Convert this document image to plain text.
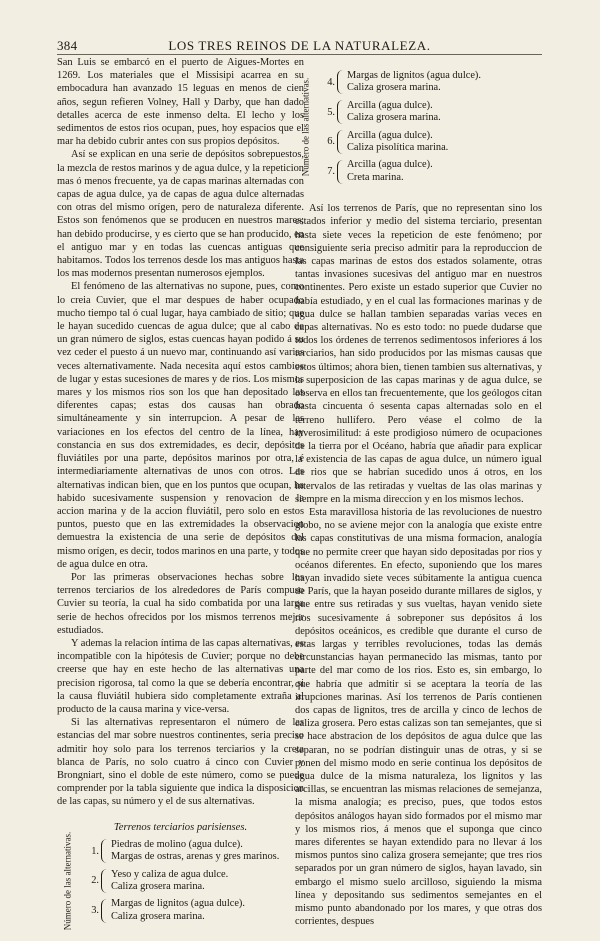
384	LOS TRES REINOS DE LA NATURALEZA.

San Luis se embarcó en el puerto de Aigues-Mortes en 1269. Los materiales que el Missisipi acarrea en su embocadura han avanzado 15 leguas en menos de cien años, segun refieren Volney, Hall y Darby, que han dado detalles acerca de este inmenso delta. El lecho y los sedimentos de estos rios ocupan, pues, hoy espacios que el mar ha debido cubrir antes con sus propios depósitos.

Así se explican en una serie de depósitos sobrepuestos, la mezcla de restos marinos y de agua dulce, y la repeticion mas ó menos frecuente, ya de capas marinas alternadas con capas de agua dulce, ya de capas de agua dulce alternadas con otras del mismo orígen, pero de naturaleza diferente. Estos son fenómenos que se producen en nuestros mares; han debido producirse, y es cierto que se han producido, en el antiguo mar y en todas las cuencas antiguas que habitamos. Todos los terrenos desde los mas antiguos hasta los mas modernos presentan numerosos ejemplos.

El fenómeno de las alternativas no supone, pues, como lo creia Cuvier, que el mar despues de haber ocupado mucho tiempo tal ó cual lugar, haya cambiado de sitio; que le hayan sucedido cuencas de agua dulce; que al cabo de un gran número de siglos, estas cuencas hayan podido á su vez ceder el puesto á un nuevo mar, continuando así varias veces alternativamente. Nada necesita aquí estos cambios de lugar y estas sucesiones de mares y de rios. Los mismos mares y los mismos rios son los que han depositado las diferentes capas; estas dos causas han obrado simultáneamente y sin interrupcion. A pesar de las variaciones en los efectos del centro de la línea, hay constancia en sus dos extremidades, es decir, depósitos fluviátiles por una parte, depósitos marinos por otra, é intermediariamente alternativas de unos con otros. Las alternativas indican bien, que en los puntos que ocupan, ha habido sucesivamente suspension y renovacion de la accion marina y de la accion fluviátil, pero solo en estos puntos, puesto que en las extremidades la observacion demuestra la existencia de una serie de depósitos del mismo orígen, es decir, todos marinos en una parte, y todos de agua dulce en otra.

Por las primeras observaciones hechas sobre los terrenos terciarios de los alrededores de París compuso Cuvier su teoría, la cual ha sido combatida por una larga serie de hechos ofrecidos por los mismos terrenos mejor estudiados.

Y ademas la relacion íntima de las capas alternativas, es incompatible con la hipótesis de Cuvier; porque no debe creerse que hay en este hecho de las alternativas una precision rigorosa, tal como la que se debería encontrar, si la causa fluviátil hubiera sido completamente extraña al producto de la causa marina y vice-versa.

Si las alternativas representaron el número de las estancias del mar sobre nuestros continentes, seria preciso admitir hoy solo para los terrenos terciarios y la creta blanca de París, no solo cuatro á cinco con Cuvier y Brongniart, sino el doble de este número, como se puede comprender por la tabla siguiente que indica la disposicion de las capas, su número y el de sus alternativas.

Terrenos terciarios parisienses.
Número de las alternativas.	1.
Piedras de molino (agua dulce).
Margas de ostras, arenas y gres marinos.
2.
Yeso y caliza de agua dulce.
Caliza grosera marina.
3.
Margas de lignitos (agua dulce).
Caliza grosera marina.
Número de las alternativas.	4.
Margas de lignitos (agua dulce).
Caliza grosera marina.
5.
Arcilla (agua dulce).
Caliza grosera marina.
6.
Arcilla (agua dulce).
Caliza pisolítica marina.
7.
Arcilla (agua dulce).
Creta marina.

Así los terrenos de París, que no representan sino los estados inferior y medio del sistema terciario, presentan hasta siete veces la repeticion de este fenómeno; por consiguiente seria preciso admitir para la reproduccion de las capas marinas de estos dos estados solamente, otras tantas invasiones sucesivas del antiguo mar en nuestros continentes. Pero existe un estado superior que Cuvier no había estudiado, y en el cual las formaciones marinas y de agua dulce se hallan tambien separadas varias veces en capas alternativas. No es esto todo: no puede dudarse que todos los órdenes de terrenos sedimentosos inferiores á los terciarios, han sido producidos por las mismas causas que estos últimos; ahora bien, tienen tambien sus alternativas, y la superposicion de las capas marinas y de agua dulce, se observa en ellos tan frecuentemente, que los geólogos citan hasta cincuenta ó sesenta capas alternadas solo en el terreno hullífero. Pero véase el colmo de la inverosimilitud: á este prodigioso número de ocupaciones de la tierra por el Océano, habría que añadir para explicar la existencia de las capas de agua dulce, un número igual de rios que se habrían sucedido unos á otros, en los intervalos de las retiradas y vueltas de las olas marinas y siempre en la misma direccion y en los mismos lechos.

Esta maravillosa historia de las revoluciones de nuestro globo, no se aviene mejor con la analogía que existe entre las capas constitutivas de una misma formacion, analogía que no permite creer que hayan sido depositadas por rios y océanos diferentes. En efecto, suponiendo que los mares hayan invadido siete veces súbitamente la antigua cuenca de París, que la hayan poseido durante millares de siglos, y que entre sus retiradas y sus vueltas, hayan venido siete rios sucesivamente á sobreponer sus depósitos á los depósitos oceánicos, es credible que durante el curso de estas largas y terribles revoluciones, todas las demás circunstancias hayan permanecido las mismas, tanto por parte del mar como de los rios. Esto es, sin embargo, lo que habría que admitir si se aceptara la teoría de las irrupciones marinas. Así los terrenos de París contienen dos capas de lignitos, tres de arcilla y cinco de lechos de caliza grosera. Pero estas calizas son tan semejantes, que si se hace abstracion de los depósitos de agua dulce que las separan, no se podrían distinguir unas de otras, y si se ponen del mismo modo en serie continua los depósitos de agua dulce de la misma naturaleza, los lignitos y las arcillas, se encuentran las mismas relaciones de semejanza, la misma analogía; es preciso, pues, que todos estos depósitos análogos hayan sido formados por el mismo mar y los mismos rios, á menos que el suponga que cinco mares diferentes se hayan extendido para no llevar á los mismos puntos sino caliza grosera semejante; que tres rios separados por un gran número de siglos, hayan lavado, sin embargo el mismo suelo arcilloso, siguiendo la misma línea y depositando sus sedimentos semejantes en el mismo punto abandonado por los mares, y que otras dos corrientes, despues
